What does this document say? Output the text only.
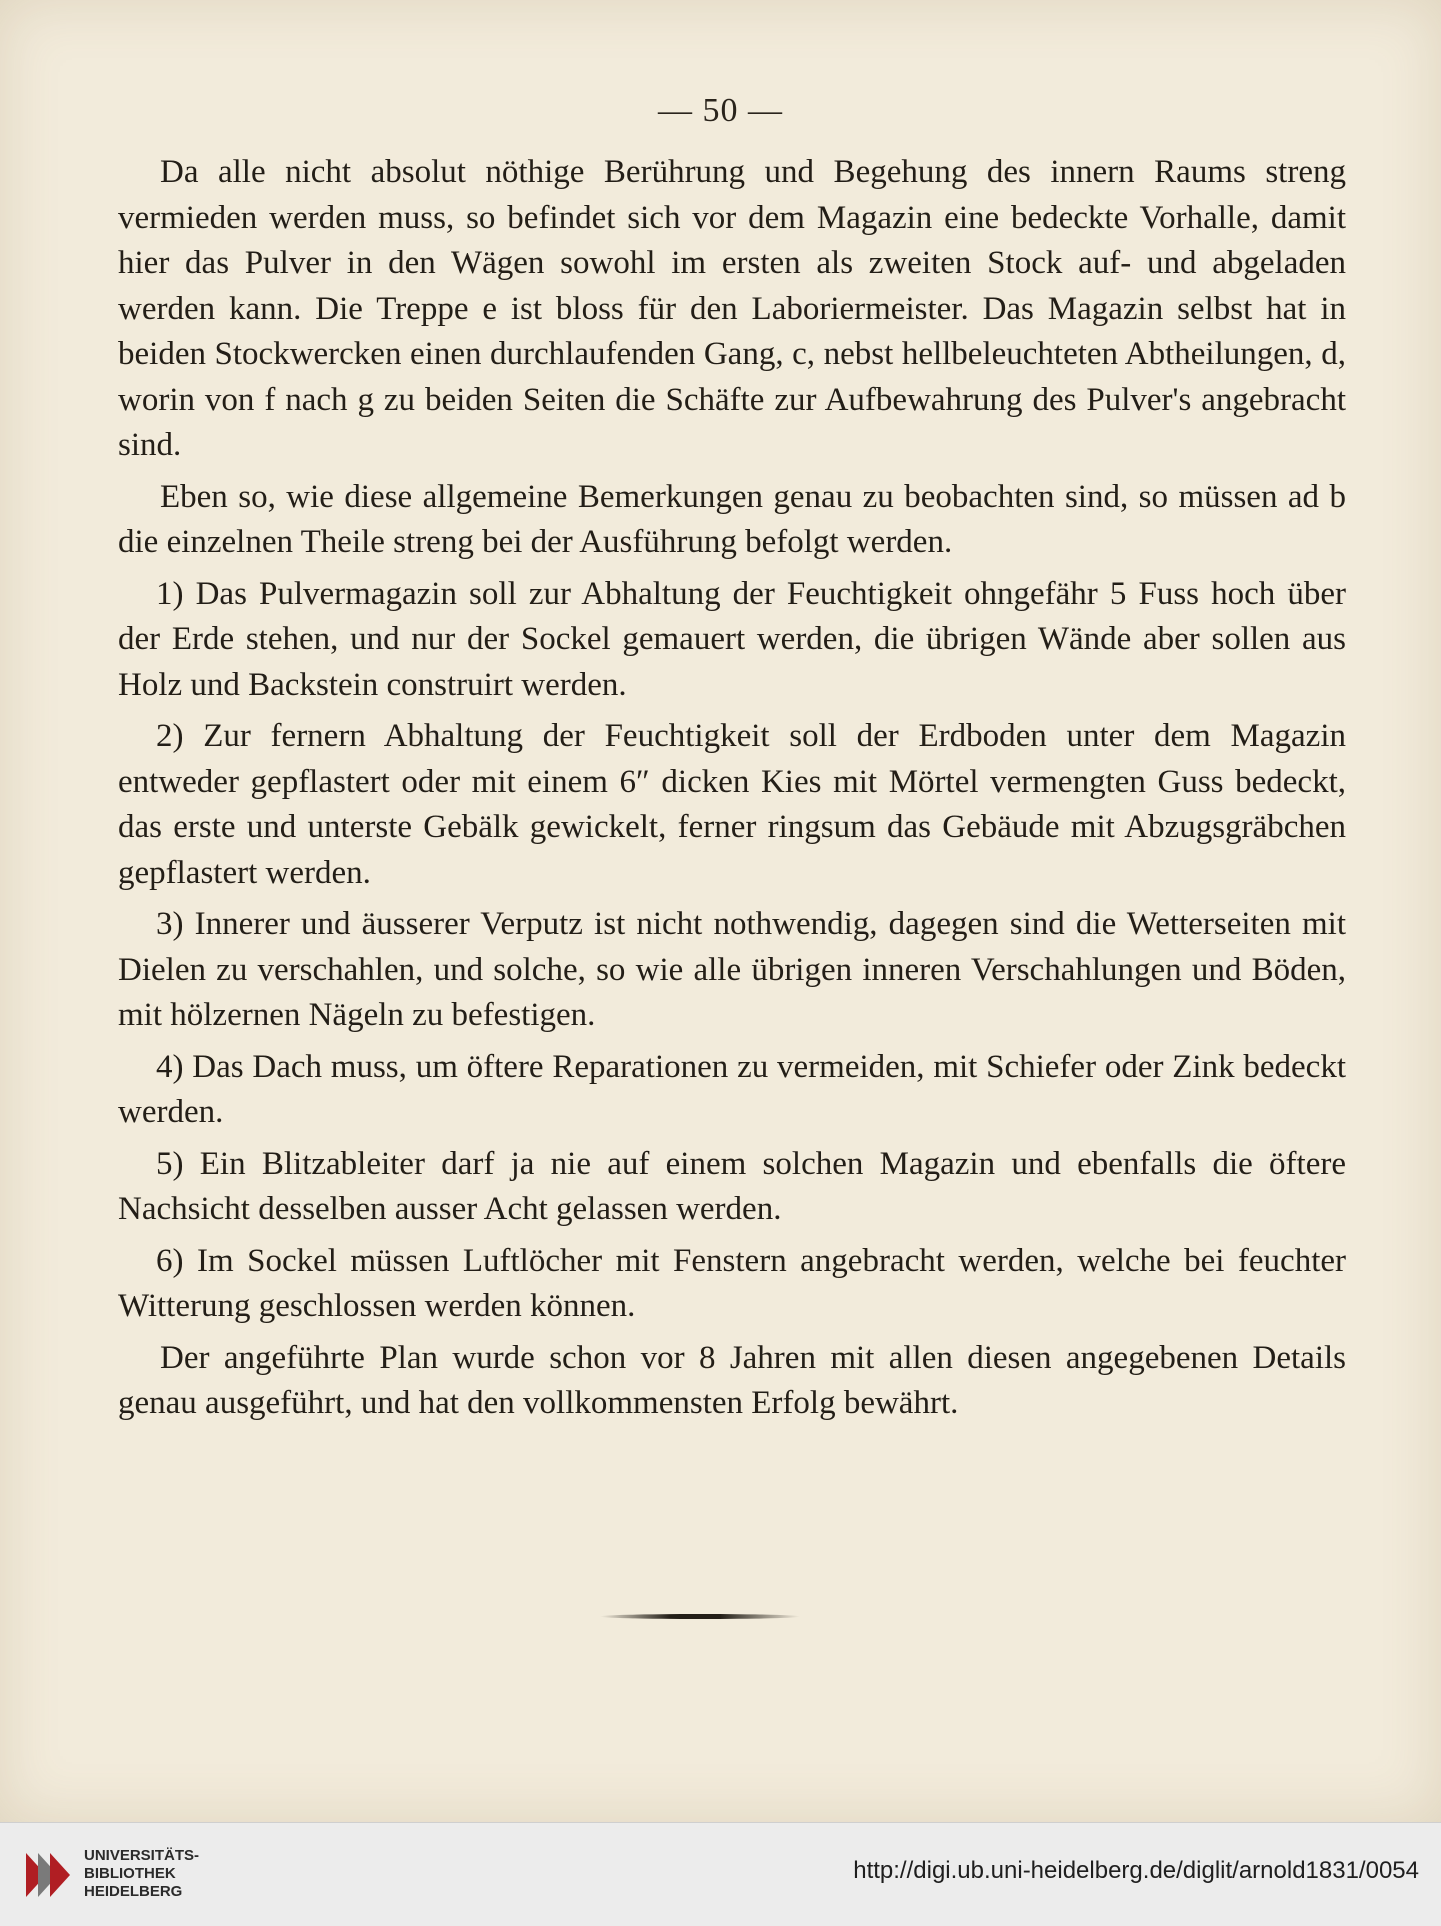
— 50 —

Da alle nicht absolut nöthige Berührung und Begehung des innern Raums streng vermieden werden muss, so befindet sich vor dem Magazin eine bedeckte Vorhalle, damit hier das Pulver in den Wägen sowohl im ersten als zweiten Stock auf- und abgeladen werden kann. Die Treppe e ist bloss für den Laboriermeister. Das Magazin selbst hat in beiden Stockwercken einen durchlaufenden Gang, c, nebst hellbeleuchteten Abtheilungen, d, worin von f nach g zu beiden Seiten die Schäfte zur Aufbewahrung des Pulver's angebracht sind.

Eben so, wie diese allgemeine Bemerkungen genau zu beobachten sind, so müssen ad b die einzelnen Theile streng bei der Ausführung befolgt werden.

1) Das Pulvermagazin soll zur Abhaltung der Feuchtigkeit ohngefähr 5 Fuss hoch über der Erde stehen, und nur der Sockel gemauert werden, die übrigen Wände aber sollen aus Holz und Backstein construirt werden.

2) Zur fernern Abhaltung der Feuchtigkeit soll der Erdboden unter dem Magazin entweder gepflastert oder mit einem 6″ dicken Kies mit Mörtel vermengten Guss bedeckt, das erste und unterste Gebälk gewickelt, ferner ringsum das Gebäude mit Abzugsgräbchen gepflastert werden.

3) Innerer und äusserer Verputz ist nicht nothwendig, dagegen sind die Wetterseiten mit Dielen zu verschahlen, und solche, so wie alle übrigen inneren Verschahlungen und Böden, mit hölzernen Nägeln zu befestigen.

4) Das Dach muss, um öftere Reparationen zu vermeiden, mit Schiefer oder Zink bedeckt werden.

5) Ein Blitzableiter darf ja nie auf einem solchen Magazin und ebenfalls die öftere Nachsicht desselben ausser Acht gelassen werden.

6) Im Sockel müssen Luftlöcher mit Fenstern angebracht werden, welche bei feuchter Witterung geschlossen werden können.

Der angeführte Plan wurde schon vor 8 Jahren mit allen diesen angegebenen Details genau ausgeführt, und hat den vollkommensten Erfolg bewährt.

UNIVERSITÄTS-
BIBLIOTHEK
HEIDELBERG
http://digi.ub.uni-heidelberg.de/diglit/arnold1831/0054
